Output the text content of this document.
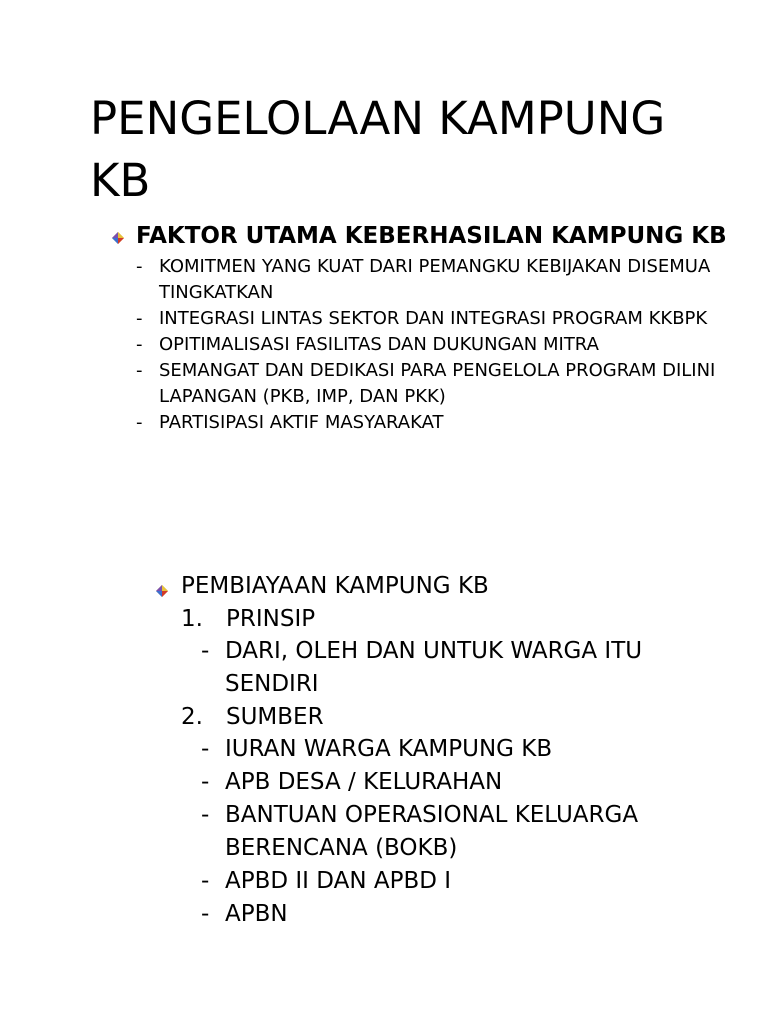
PENGELOLAAN KAMPUNG KB
FAKTOR UTAMA KEBERHASILAN KAMPUNG KB
- KOMITMEN YANG KUAT DARI PEMANGKU KEBIJAKAN DISEMUA TINGKATKAN
- INTEGRASI LINTAS SEKTOR DAN INTEGRASI PROGRAM KKBPK
- OPITIMALISASI FASILITAS DAN DUKUNGAN MITRA
- SEMANGAT DAN DEDIKASI PARA PENGELOLA PROGRAM DILINI LAPANGAN (PKB, IMP, DAN PKK)
- PARTISIPASI AKTIF MASYARAKAT
PEMBIAYAAN KAMPUNG KB
1. PRINSIP
- DARI, OLEH DAN UNTUK WARGA ITU SENDIRI
2. SUMBER
- IURAN WARGA KAMPUNG KB
- APB DESA / KELURAHAN
- BANTUAN OPERASIONAL KELUARGA BERENCANA (BOKB)
- APBD II DAN APBD I
- APBN
